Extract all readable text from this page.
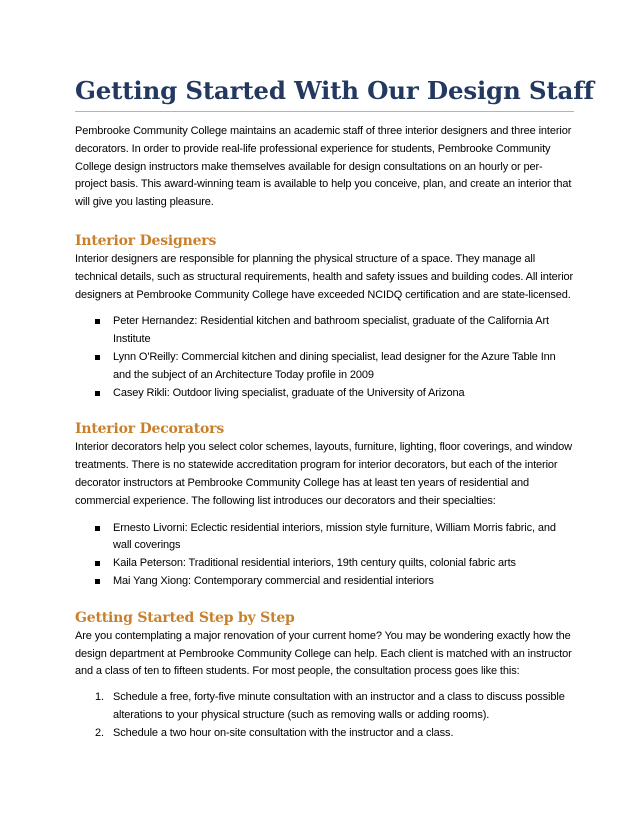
Getting Started With Our Design Staff

Pembrooke Community College maintains an academic staff of three interior designers and three interior decorators. In order to provide real-life professional experience for students, Pembrooke Community College design instructors make themselves available for design consultations on an hourly or per-project basis. This award-winning team is available to help you conceive, plan, and create an interior that will give you lasting pleasure.

Interior Designers

Interior designers are responsible for planning the physical structure of a space. They manage all technical details, such as structural requirements, health and safety issues and building codes. All interior designers at Pembrooke Community College have exceeded NCIDQ certification and are state-licensed.

Peter Hernandez: Residential kitchen and bathroom specialist, graduate of the California Art Institute
Lynn O'Reilly: Commercial kitchen and dining specialist, lead designer for the Azure Table Inn and the subject of an Architecture Today profile in 2009
Casey Rikli: Outdoor living specialist, graduate of the University of Arizona
Interior Decorators

Interior decorators help you select color schemes, layouts, furniture, lighting, floor coverings, and window treatments. There is no statewide accreditation program for interior decorators, but each of the interior decorator instructors at Pembrooke Community College has at least ten years of residential and commercial experience. The following list introduces our decorators and their specialties:

Ernesto Livorni: Eclectic residential interiors, mission style furniture, William Morris fabric, and wall coverings
Kaila Peterson: Traditional residential interiors, 19th century quilts, colonial fabric arts
Mai Yang Xiong: Contemporary commercial and residential interiors
Getting Started Step by Step

Are you contemplating a major renovation of your current home? You may be wondering exactly how the design department at Pembrooke Community College can help. Each client is matched with an instructor and a class of ten to fifteen students. For most people, the consultation process goes like this:

1. Schedule a free, forty-five minute consultation with an instructor and a class to discuss possible alterations to your physical structure (such as removing walls or adding rooms).
2. Schedule a two hour on-site consultation with the instructor and a class.
